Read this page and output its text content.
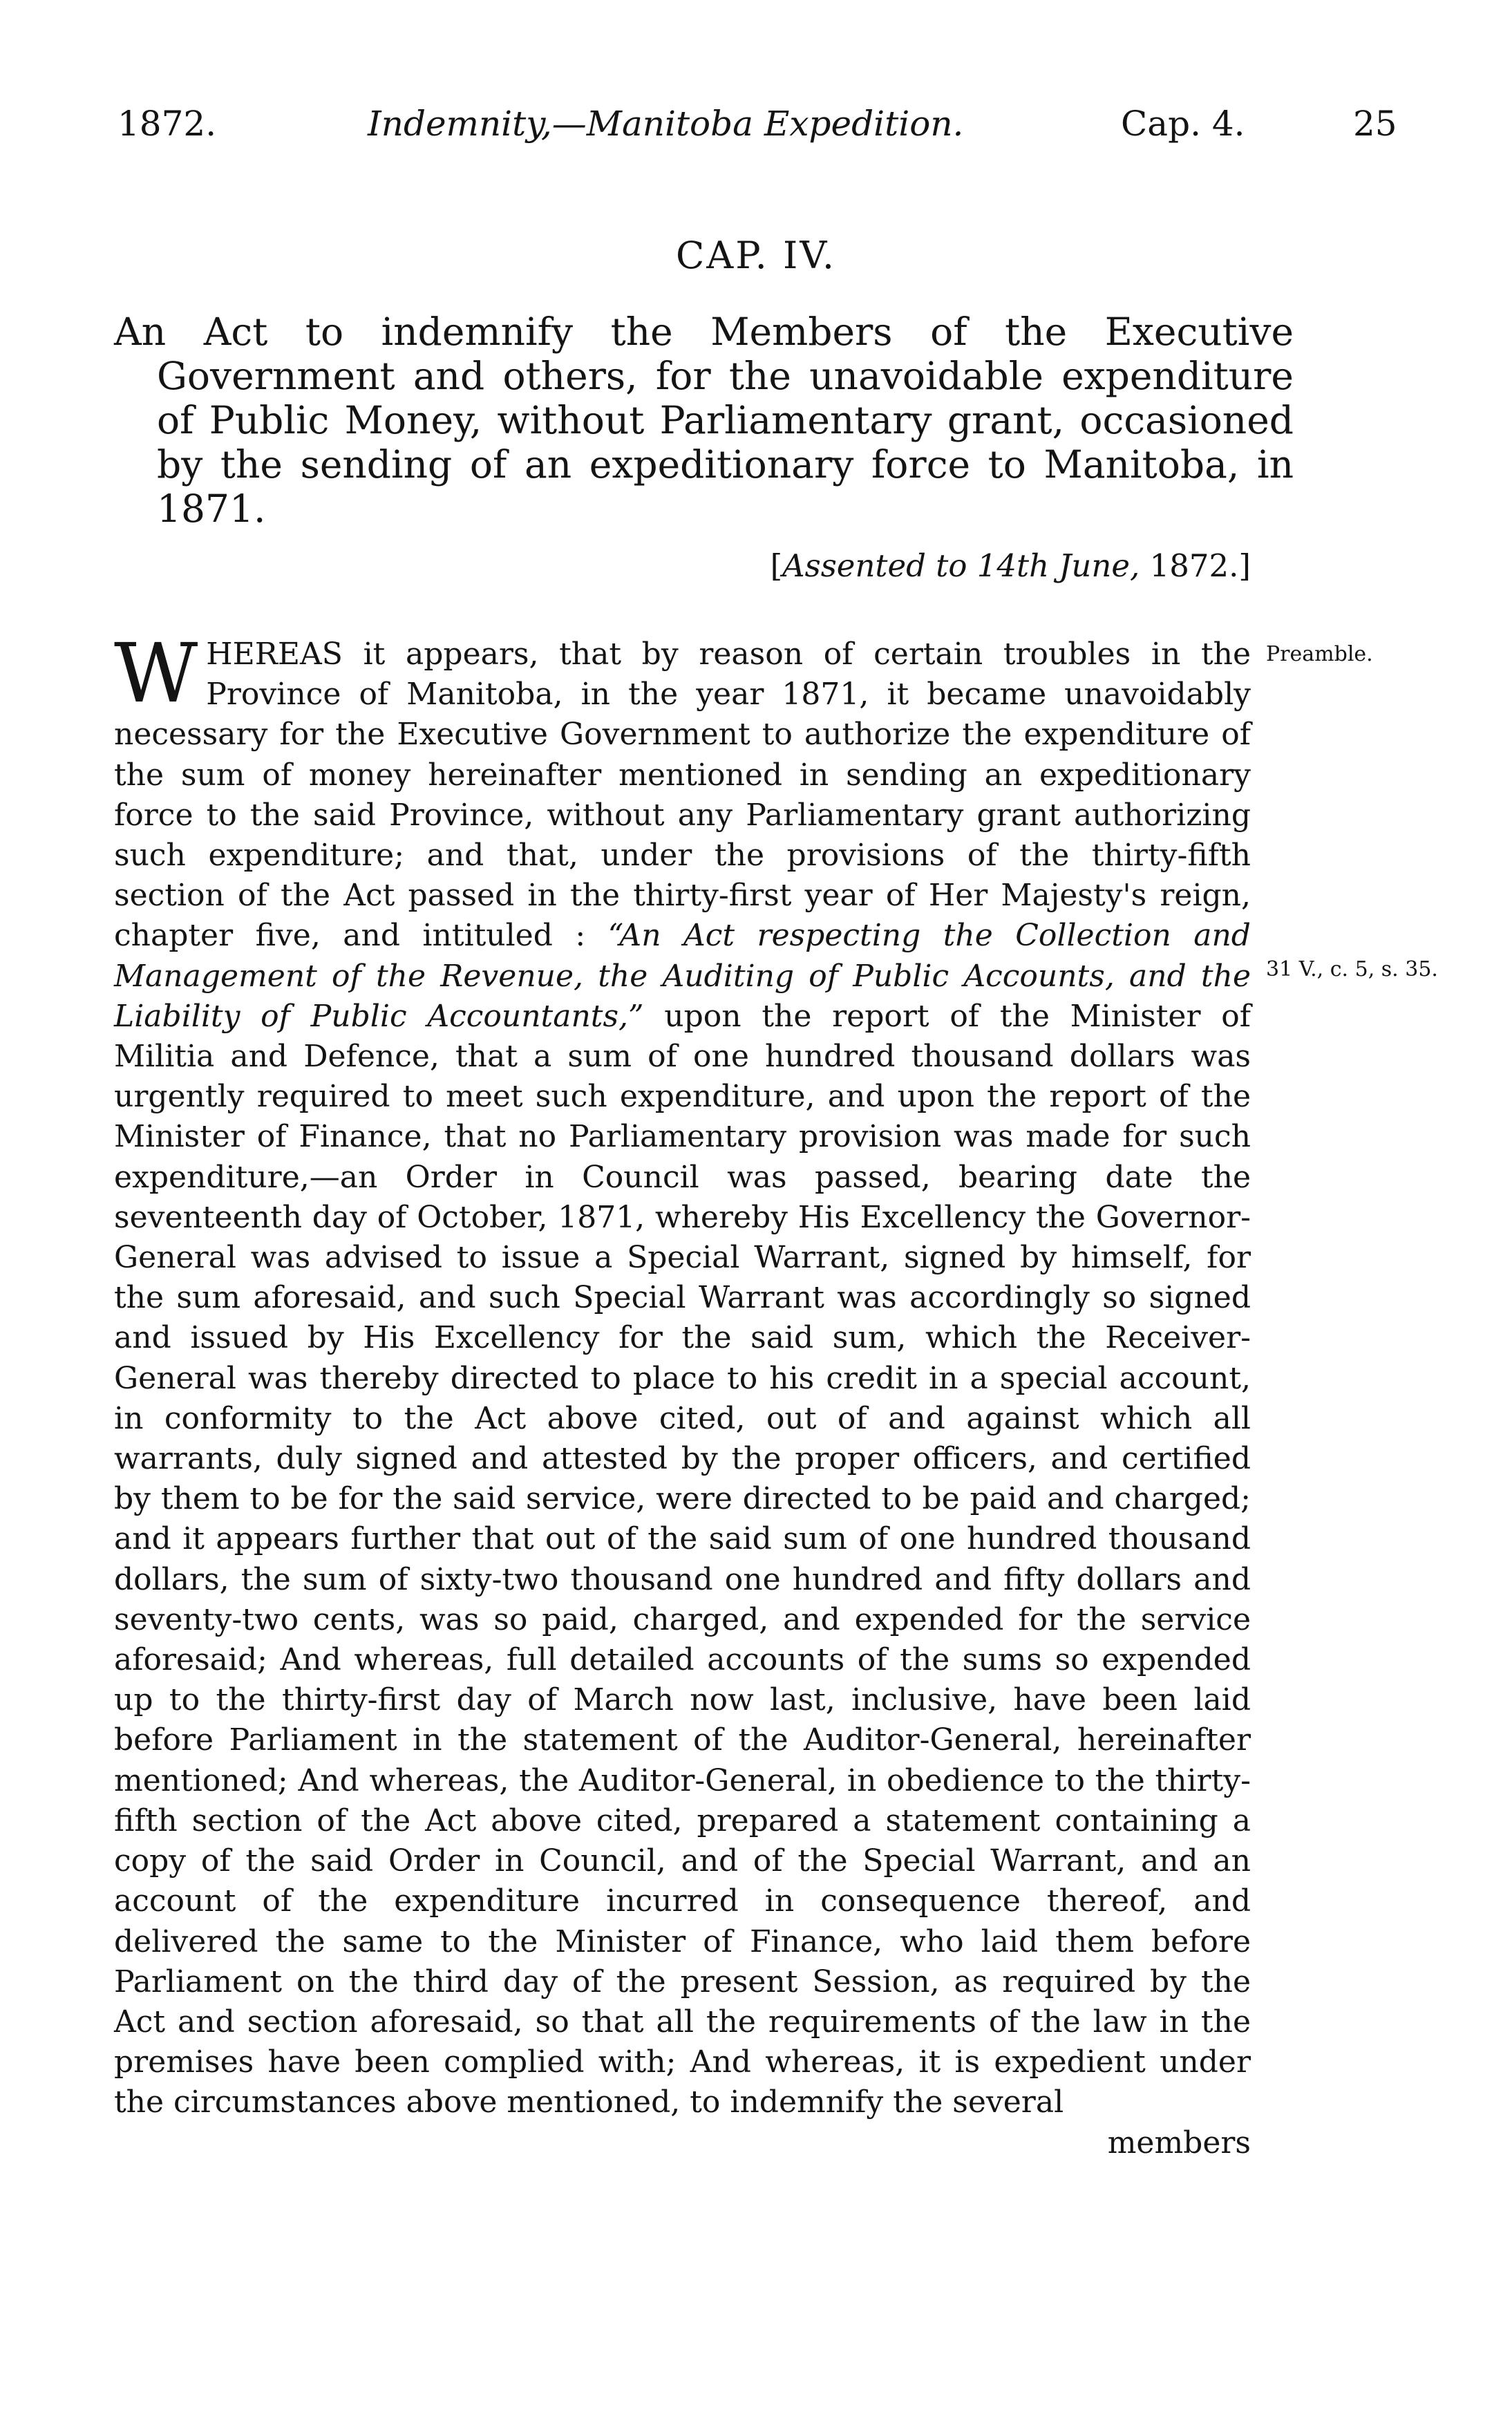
1872.	Indemnity,—Manitoba Expedition.	Cap. 4.	25
CAP. IV.
An Act to indemnify the Members of the Executive Government and others, for the unavoidable expenditure of Public Money, without Parliamentary grant, occasioned by the sending of an expeditionary force to Manitoba, in 1871.
[Assented to 14th June, 1872.]
WHEREAS it appears, that by reason of certain troubles in the Province of Manitoba, in the year 1871, it became unavoidably necessary for the Executive Government to authorize the expenditure of the sum of money hereinafter mentioned in sending an expeditionary force to the said Province, without any Parliamentary grant authorizing such expenditure; and that, under the provisions of the thirty-fifth section of the Act passed in the thirty-first year of Her Majesty's reign, chapter five, and intituled : “An Act respecting the Collection and Management of the Revenue, the Auditing of Public Accounts, and the Liability of Public Accountants,” upon the report of the Minister of Militia and Defence, that a sum of one hundred thousand dollars was urgently required to meet such expenditure, and upon the report of the Minister of Finance, that no Parliamentary provision was made for such expenditure,—an Order in Council was passed, bearing date the seventeenth day of October, 1871, whereby His Excellency the Governor-General was advised to issue a Special Warrant, signed by himself, for the sum aforesaid, and such Special Warrant was accordingly so signed and issued by His Excellency for the said sum, which the Receiver-General was thereby directed to place to his credit in a special account, in conformity to the Act above cited, out of and against which all warrants, duly signed and attested by the proper officers, and certified by them to be for the said service, were directed to be paid and charged; and it appears further that out of the said sum of one hundred thousand dollars, the sum of sixty-two thousand one hundred and fifty dollars and seventy-two cents, was so paid, charged, and expended for the service aforesaid; And whereas, full detailed accounts of the sums so expended up to the thirty-first day of March now last, inclusive, have been laid before Parliament in the statement of the Auditor-General, hereinafter mentioned; And whereas, the Auditor-General, in obedience to the thirty-fifth section of the Act above cited, prepared a statement containing a copy of the said Order in Council, and of the Special Warrant, and an account of the expenditure incurred in consequence thereof, and delivered the same to the Minister of Finance, who laid them before Parliament on the third day of the present Session, as required by the Act and section aforesaid, so that all the requirements of the law in the premises have been complied with; And whereas, it is expedient under the circumstances above mentioned, to indemnify the several
members
Preamble.
31 V., c. 5, s. 35.
